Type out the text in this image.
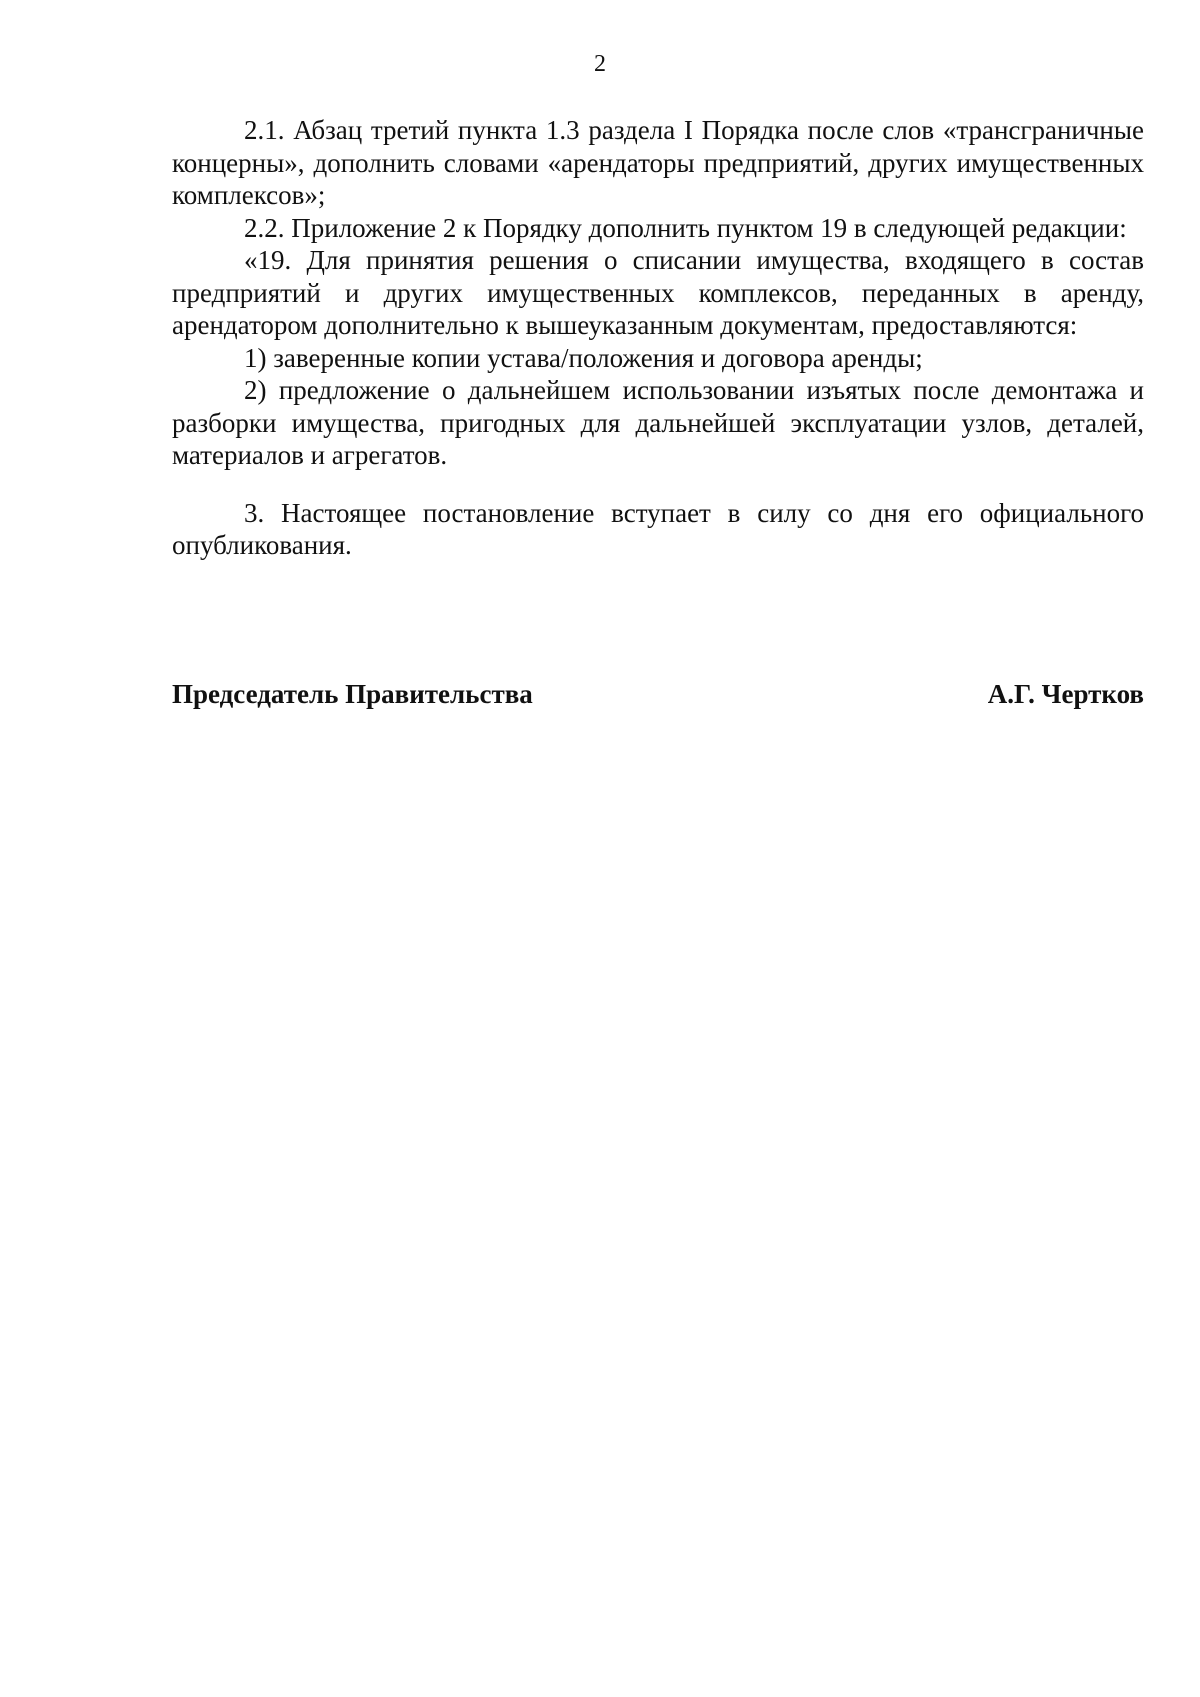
2

2.1. Абзац третий пункта 1.3 раздела I Порядка после слов «трансграничные концерны», дополнить словами «арендаторы предприятий, других имущественных комплексов»;

2.2. Приложение 2 к Порядку дополнить пунктом 19 в следующей редакции:

«19. Для принятия решения о списании имущества, входящего в состав предприятий и других имущественных комплексов, переданных в аренду, арендатором дополнительно к вышеуказанным документам, предоставляются:

1) заверенные копии устава/положения и договора аренды;

2) предложение о дальнейшем использовании изъятых после демонтажа и разборки имущества, пригодных для дальнейшей эксплуатации узлов, деталей, материалов и агрегатов.

3. Настоящее постановление вступает в силу со дня его официального опубликования.

Председатель Правительства	А.Г. Чертков
